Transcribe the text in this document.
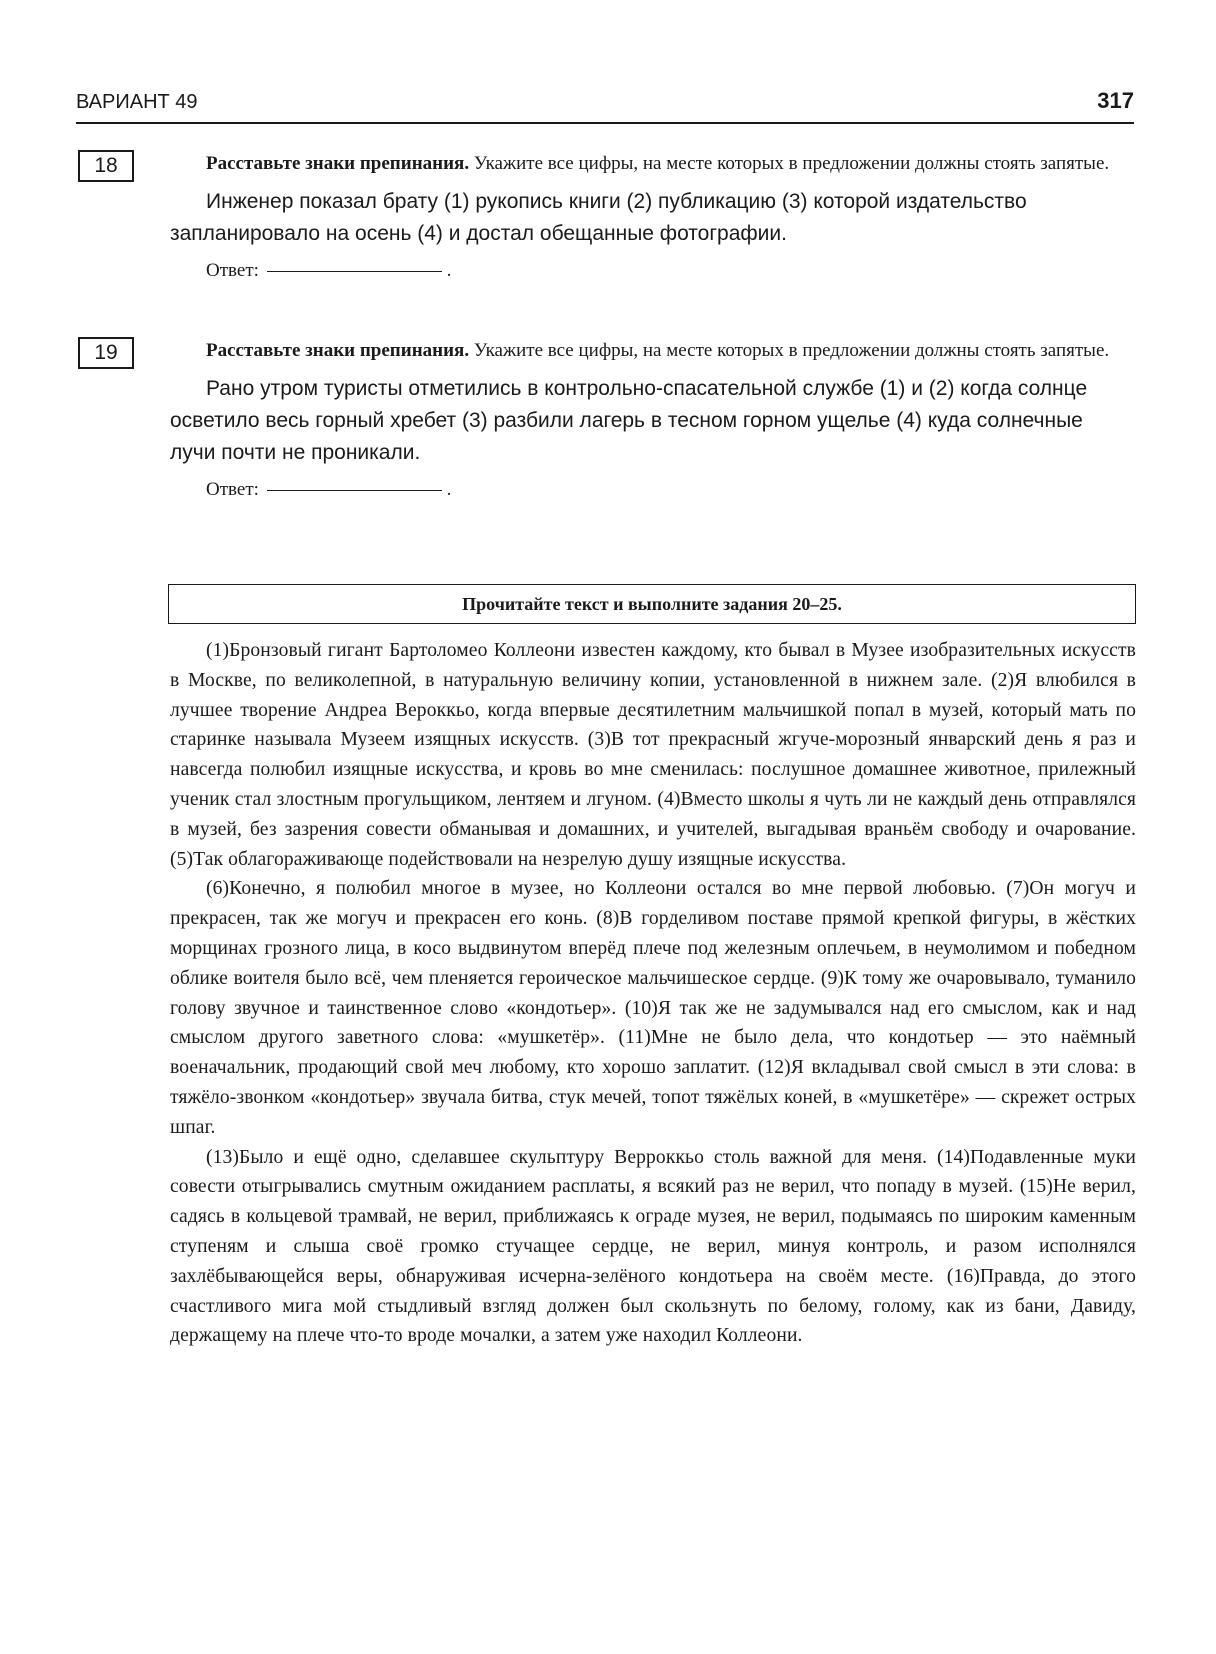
ВАРИАНТ 49	317
18	Расставьте знаки препинания. Укажите все цифры, на месте которых в предложении должны стоять запятые.

Инженер показал брату (1) рукопись книги (2) публикацию (3) которой издательство запланировало на осень (4) и достал обещанные фотографии.

Ответ:	.
19	Расставьте знаки препинания. Укажите все цифры, на месте которых в предложении должны стоять запятые.

Рано утром туристы отметились в контрольно-спасательной службе (1) и (2) когда солнце осветило весь горный хребет (3) разбили лагерь в тесном горном ущелье (4) куда солнечные лучи почти не проникали.

Ответ:	.
Прочитайте текст и выполните задания 20–25.

(1)Бронзовый гигант Бартоломео Коллеони известен каждому, кто бывал в Музее изобразительных искусств в Москве, по великолепной, в натуральную величину копии, установленной в нижнем зале. (2)Я влюбился в лучшее творение Андреа Вероккьо, когда впервые десятилетним мальчишкой попал в музей, который мать по старинке называла Музеем изящных искусств. (3)В тот прекрасный жгуче-морозный январский день я раз и навсегда полюбил изящные искусства, и кровь во мне сменилась: послушное домашнее животное, прилежный ученик стал злостным прогульщиком, лентяем и лгуном. (4)Вместо школы я чуть ли не каждый день отправлялся в музей, без зазрения совести обманывая и домашних, и учителей, выгадывая враньём свободу и очарование. (5)Так облагораживающе подействовали на незрелую душу изящные искусства.

(6)Конечно, я полюбил многое в музее, но Коллеони остался во мне первой любовью. (7)Он могуч и прекрасен, так же могуч и прекрасен его конь. (8)В горделивом поставе прямой крепкой фигуры, в жёстких морщинах грозного лица, в косо выдвинутом вперёд плече под железным оплечьем, в неумолимом и победном облике воителя было всё, чем пленяется героическое мальчишеское сердце. (9)К тому же очаровывало, туманило голову звучное и таинственное слово «кондотьер». (10)Я так же не задумывался над его смыслом, как и над смыслом другого заветного слова: «мушкетёр». (11)Мне не было дела, что кондотьер — это наёмный военачальник, продающий свой меч любому, кто хорошо заплатит. (12)Я вкладывал свой смысл в эти слова: в тяжёло-звонком «кондотьер» звучала битва, стук мечей, топот тяжёлых коней, в «мушкетёре» — скрежет острых шпаг.

(13)Было и ещё одно, сделавшее скульптуру Верроккьо столь важной для меня. (14)Подавленные муки совести отыгрывались смутным ожиданием расплаты, я всякий раз не верил, что попаду в музей. (15)Не верил, садясь в кольцевой трамвай, не верил, приближаясь к ограде музея, не верил, подымаясь по широким каменным ступеням и слыша своё громко стучащее сердце, не верил, минуя контроль, и разом исполнялся захлёбывающейся веры, обнаруживая исчерна-зелёного кондотьера на своём месте. (16)Правда, до этого счастливого мига мой стыдливый взгляд должен был скользнуть по белому, голому, как из бани, Давиду, держащему на плече что-то вроде мочалки, а затем уже находил Коллеони.
